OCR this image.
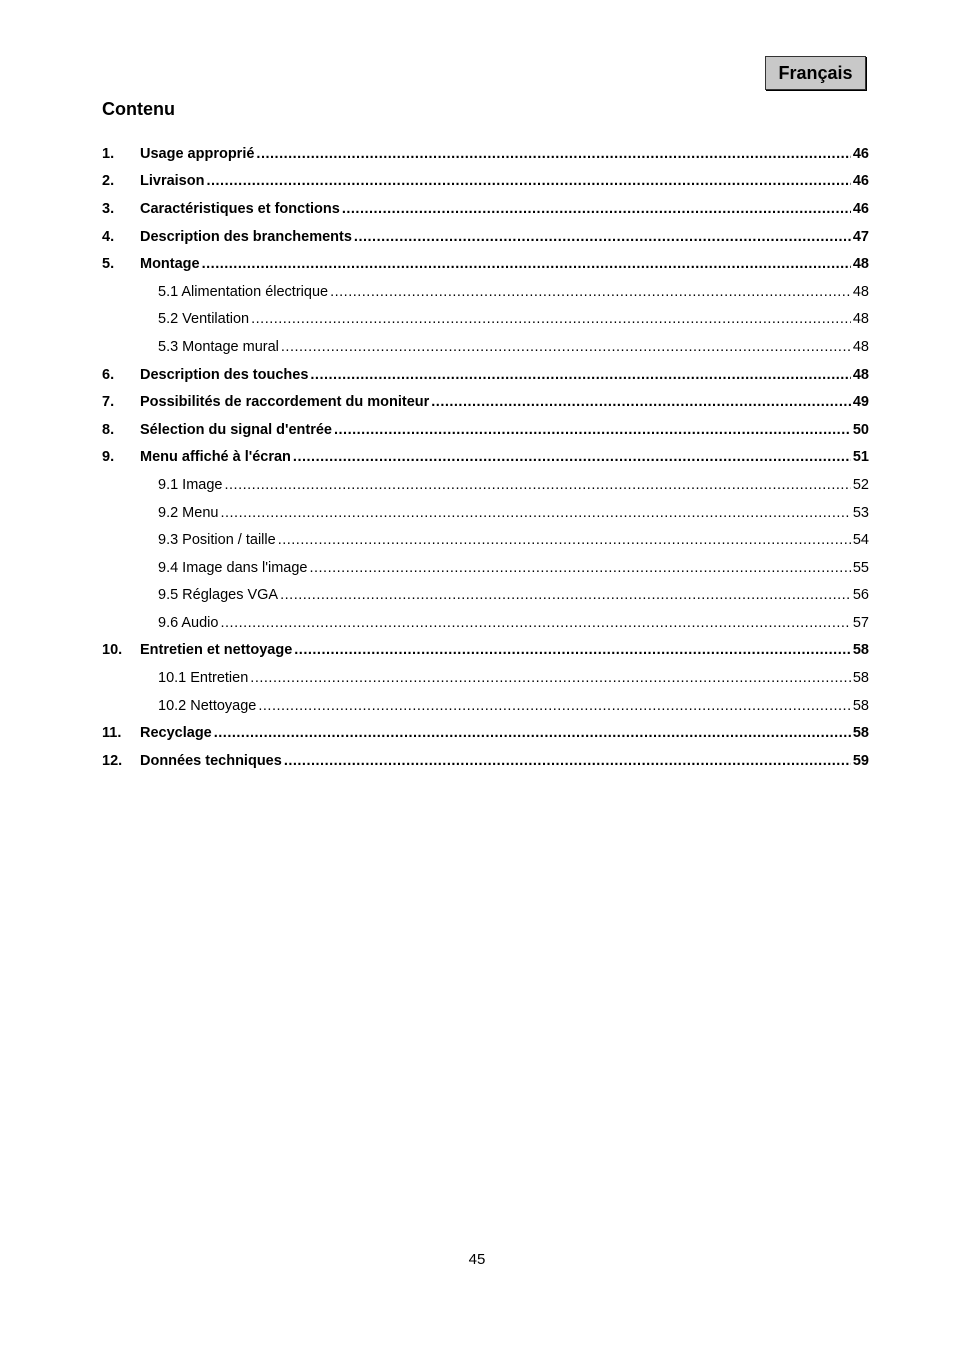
Français
Contenu
1.	Usage approprié .....	46
2.	Livraison .....	46
3.	Caractéristiques et fonctions .....	46
4.	Description des branchements .....	47
5.	Montage .....	48
5.1 Alimentation électrique .....	48
5.2 Ventilation .....	48
5.3 Montage mural .....	48
6.	Description des touches .....	48
7.	Possibilités de raccordement du moniteur .....	49
8.	Sélection du signal d'entrée .....	50
9.	Menu affiché à l'écran .....	51
9.1 Image .....	52
9.2 Menu .....	53
9.3 Position / taille .....	54
9.4 Image dans l'image .....	55
9.5 Réglages VGA .....	56
9.6 Audio .....	57
10.	Entretien et nettoyage .....	58
10.1 Entretien .....	58
10.2 Nettoyage .....	58
11.	Recyclage .....	58
12.	Données techniques .....	59
45
